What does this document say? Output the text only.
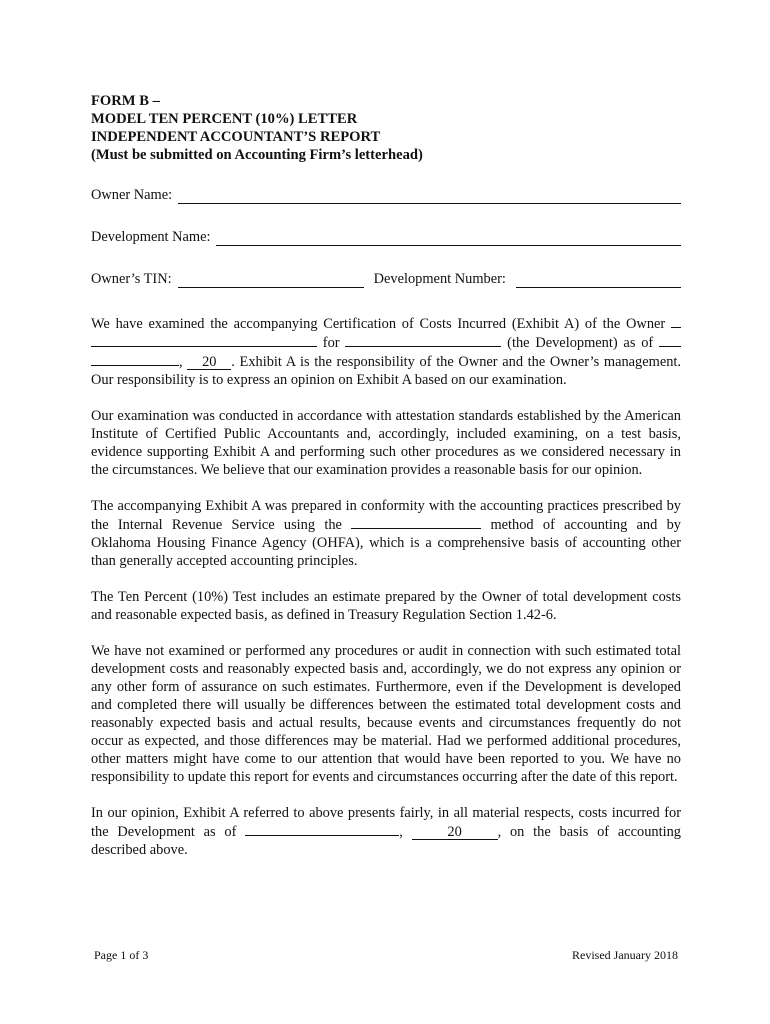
FORM B –
MODEL TEN PERCENT (10%) LETTER
INDEPENDENT ACCOUNTANT’S REPORT
(Must be submitted on Accounting Firm’s letterhead)
Owner Name:
Development Name:
Owner’s TIN:	Development Number:

We have examined the accompanying Certification of Costs Incurred (Exhibit A) of the Owner   for	(the Development) as of  , 20 . Exhibit A is the responsibility of the Owner and the Owner’s management. Our responsibility is to express an opinion on Exhibit A based on our examination.

Our examination was conducted in accordance with attestation standards established by the American Institute of Certified Public Accountants and, accordingly, included examining, on a test basis, evidence supporting Exhibit A and performing such other procedures as we considered necessary in the circumstances. We believe that our examination provides a reasonable basis for our opinion.

The accompanying Exhibit A was prepared in conformity with the accounting practices prescribed by the Internal Revenue Service using the	method of accounting and by Oklahoma Housing Finance Agency (OHFA), which is a comprehensive basis of accounting other than generally accepted accounting principles.

The Ten Percent (10%) Test includes an estimate prepared by the Owner of total development costs and reasonable expected basis, as defined in Treasury Regulation Section 1.42-6.

We have not examined or performed any procedures or audit in connection with such estimated total development costs and reasonably expected basis and, accordingly, we do not express any opinion or any other form of assurance on such estimates. Furthermore, even if the Development is developed and completed there will usually be differences between the estimated total development costs and reasonably expected basis and actual results, because events and circumstances frequently do not occur as expected, and those differences may be material. Had we performed additional procedures, other matters might have come to our attention that would have been reported to you. We have no responsibility to update this report for events and circumstances occurring after the date of this report.

In our opinion, Exhibit A referred to above presents fairly, in all material respects, costs incurred for the Development as of	,	20 , on the basis of accounting described above.

Page 1 of 3	Revised January 2018
